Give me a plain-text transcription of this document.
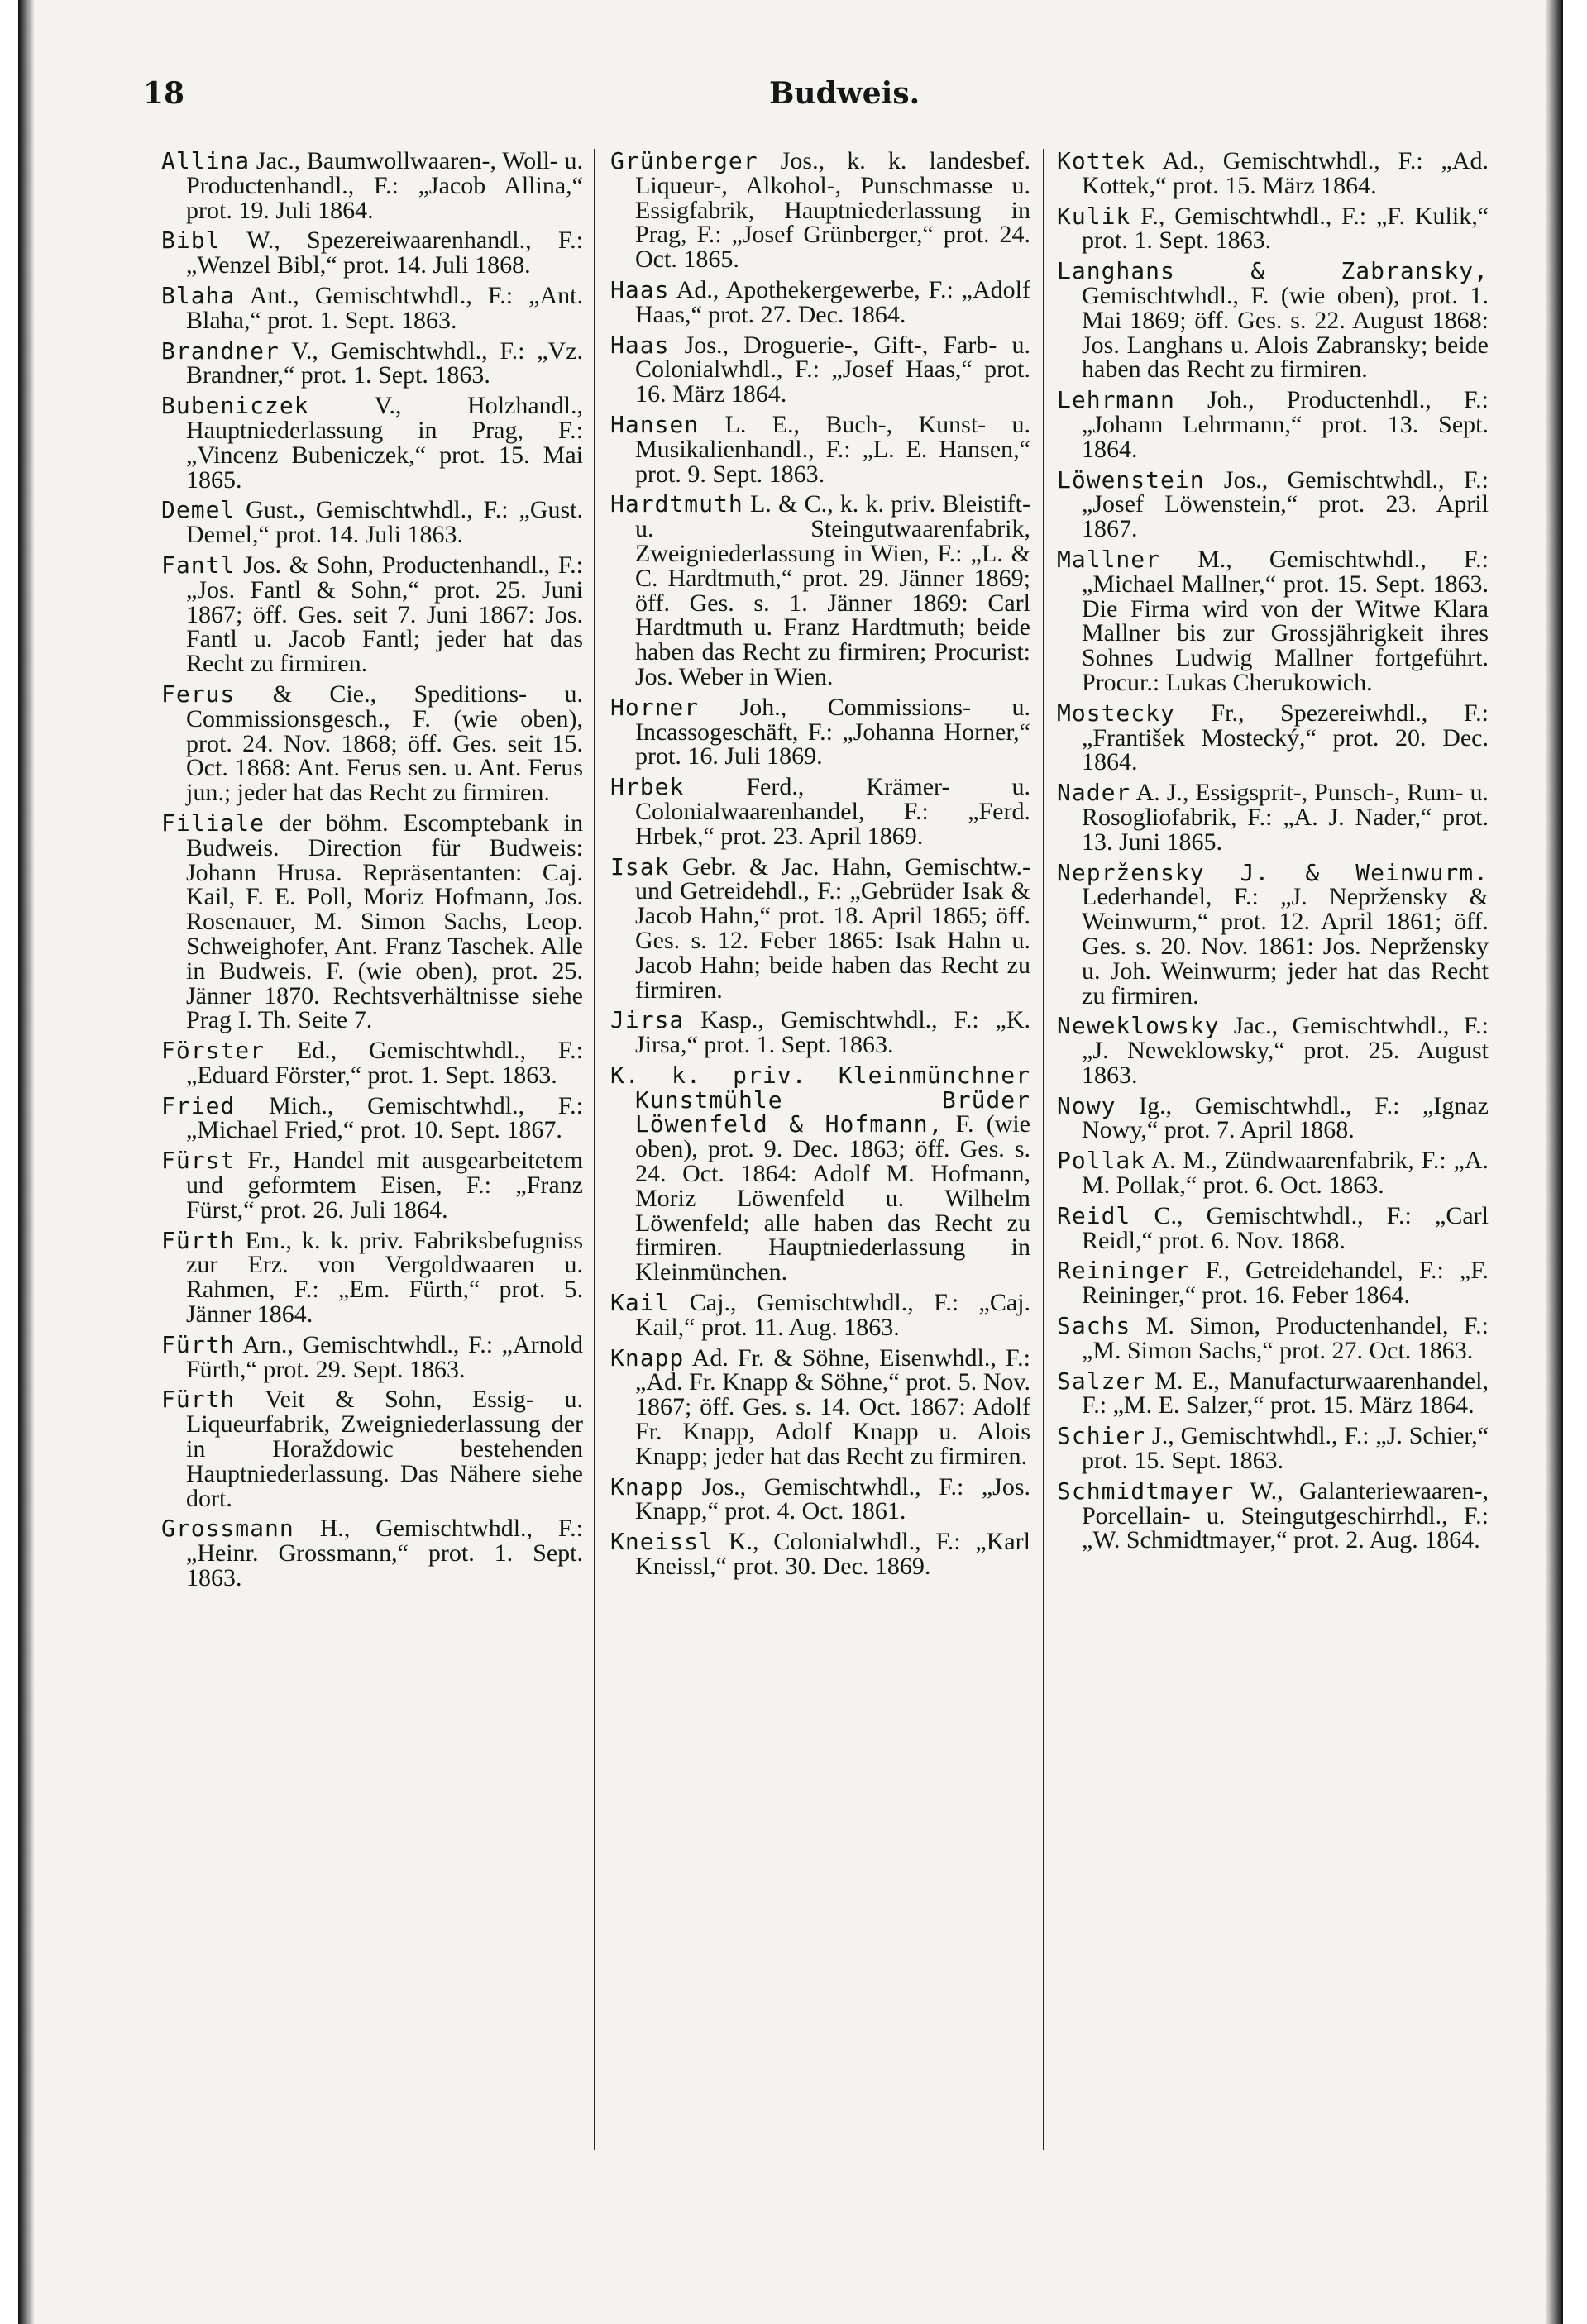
18	Budweis.

Allina Jac., Baumwollwaaren-, Woll- u. Productenhandl., F.: „Jacob Allina,“ prot. 19. Juli 1864.

Bibl W., Spezereiwaarenhandl., F.: „Wenzel Bibl,“ prot. 14. Juli 1868.

Blaha Ant., Gemischtwhdl., F.: „Ant. Blaha,“ prot. 1. Sept. 1863.

Brandner V., Gemischtwhdl., F.: „Vz. Brandner,“ prot. 1. Sept. 1863.

Bubeniczek	V., Holzhandl., Hauptniederlassung in Prag, F.: „Vincenz Bubeniczek,“ prot. 15. Mai 1865.

Demel Gust., Gemischtwhdl., F.: „Gust. Demel,“ prot. 14. Juli 1863.

Fantl Jos. & Sohn, Productenhandl., F.: „Jos. Fantl & Sohn,“ prot. 25. Juni 1867; öff. Ges. seit 7. Juni 1867: Jos. Fantl u. Jacob Fantl; jeder hat das Recht zu firmiren.

Ferus & Cie., Speditions- u. Commissionsgesch., F. (wie oben), prot. 24. Nov. 1868; öff. Ges. seit 15. Oct. 1868: Ant. Ferus sen. u. Ant. Ferus jun.; jeder hat das Recht zu firmiren.

Filiale der böhm. Escomptebank in Budweis. Direction für Budweis: Johann Hrusa. Repräsentanten: Caj. Kail, F. E. Poll, Moriz Hofmann, Jos. Rosenauer, M. Simon Sachs, Leop. Schweighofer, Ant. Franz Taschek. Alle in Budweis. F. (wie oben), prot. 25. Jänner 1870. Rechtsverhältnisse siehe Prag I. Th. Seite 7.

Förster Ed., Gemischtwhdl., F.: „Eduard Förster,“ prot. 1. Sept. 1863.

Fried Mich., Gemischtwhdl., F.: „Michael Fried,“ prot. 10. Sept. 1867.

Fürst Fr., Handel mit ausgearbeitetem und geformtem Eisen, F.: „Franz Fürst,“ prot. 26. Juli 1864.

Fürth Em., k. k. priv. Fabriksbefugniss zur Erz. von Vergoldwaaren u. Rahmen, F.: „Em. Fürth,“ prot. 5. Jänner 1864.

Fürth Arn., Gemischtwhdl., F.: „Arnold Fürth,“ prot. 29. Sept. 1863.

Fürth Veit & Sohn, Essig- u. Liqueurfabrik, Zweigniederlassung der in Horaždowic bestehenden Hauptniederlassung. Das Nähere siehe dort.

Grossmann H., Gemischtwhdl., F.: „Heinr. Grossmann,“ prot. 1. Sept. 1863.

Grünberger Jos., k. k. landesbef. Liqueur-, Alkohol-, Punschmasse u. Essigfabrik, Hauptniederlassung in Prag, F.: „Josef Grünberger,“ prot. 24. Oct. 1865.

Haas Ad., Apothekergewerbe, F.: „Adolf Haas,“ prot. 27. Dec. 1864.

Haas Jos., Droguerie-, Gift-, Farb- u. Colonialwhdl., F.: „Josef Haas,“ prot. 16. März 1864.

Hansen L. E., Buch-, Kunst- u. Musikalienhandl., F.: „L. E. Hansen,“ prot. 9. Sept. 1863.

Hardtmuth L. & C., k. k. priv. Bleistift- u. Steingutwaarenfabrik, Zweigniederlassung in Wien, F.: „L. & C. Hardtmuth,“ prot. 29. Jänner 1869; öff. Ges. s. 1. Jänner 1869: Carl Hardtmuth u. Franz Hardtmuth; beide haben das Recht zu firmiren; Procurist: Jos. Weber in Wien.

Horner Joh., Commissions- u. Incassogeschäft, F.: „Johanna Horner,“ prot. 16. Juli 1869.

Hrbek	Ferd., Krämer- u. Colonialwaarenhandel, F.: „Ferd. Hrbek,“ prot. 23. April 1869.

Isak Gebr. & Jac. Hahn, Gemischtw.- und Getreidehdl., F.: „Gebrüder Isak & Jacob Hahn,“ prot. 18. April 1865; öff. Ges. s. 12. Feber 1865: Isak Hahn u. Jacob Hahn; beide haben das Recht zu firmiren.

Jirsa Kasp., Gemischtwhdl., F.: „K. Jirsa,“ prot. 1. Sept. 1863.

K. k. priv. Kleinmünchner Kunstmühle Brüder Löwenfeld & Hofmann, F. (wie oben), prot. 9. Dec. 1863; öff. Ges. s. 24. Oct. 1864: Adolf M. Hofmann, Moriz Löwenfeld u. Wilhelm Löwenfeld; alle haben das Recht zu firmiren. Hauptniederlassung in Kleinmünchen.

Kail Caj., Gemischtwhdl., F.: „Caj. Kail,“ prot. 11. Aug. 1863.

Knapp Ad. Fr. & Söhne, Eisenwhdl., F.: „Ad. Fr. Knapp & Söhne,“ prot. 5. Nov. 1867; öff. Ges. s. 14. Oct. 1867: Adolf Fr. Knapp, Adolf Knapp u. Alois Knapp; jeder hat das Recht zu firmiren.

Knapp Jos., Gemischtwhdl., F.: „Jos. Knapp,“ prot. 4. Oct. 1861.

Kneissl K., Colonialwhdl., F.: „Karl Kneissl,“ prot. 30. Dec. 1869.

Kottek Ad., Gemischtwhdl., F.: „Ad. Kottek,“ prot. 15. März 1864.

Kulik F., Gemischtwhdl., F.: „F. Kulik,“ prot. 1. Sept. 1863.

Langhans & Zabransky, Gemischtwhdl., F. (wie oben), prot. 1. Mai 1869; öff. Ges. s. 22. August 1868: Jos. Langhans u. Alois Zabransky; beide haben das Recht zu firmiren.

Lehrmann Joh., Productenhdl., F.: „Johann Lehrmann,“ prot. 13. Sept. 1864.

Löwenstein Jos., Gemischtwhdl., F.: „Josef Löwenstein,“ prot. 23. April 1867.

Mallner M., Gemischtwhdl., F.: „Michael Mallner,“ prot. 15. Sept. 1863. Die Firma wird von der Witwe Klara Mallner bis zur Grossjährigkeit ihres Sohnes Ludwig Mallner fortgeführt. Procur.: Lukas Cherukowich.

Mostecky Fr., Spezereiwhdl., F.: „František Mostecký,“ prot. 20. Dec. 1864.

Nader A. J., Essigsprit-, Punsch-, Rum- u. Rosogliofabrik, F.: „A. J. Nader,“ prot. 13. Juni 1865.

Nepržensky J. & Weinwurm. Lederhandel, F.: „J. Nepržensky & Weinwurm,“ prot. 12. April 1861; öff. Ges. s. 20. Nov. 1861: Jos. Nepržensky u. Joh. Weinwurm; jeder hat das Recht zu firmiren.

Neweklowsky Jac., Gemischtwhdl., F.: „J. Neweklowsky,“ prot. 25. August 1863.

Nowy Ig., Gemischtwhdl., F.: „Ignaz Nowy,“ prot. 7. April 1868.

Pollak A. M., Zündwaarenfabrik, F.: „A. M. Pollak,“ prot. 6. Oct. 1863.

Reidl C., Gemischtwhdl., F.: „Carl Reidl,“ prot. 6. Nov. 1868.

Reininger F., Getreidehandel, F.: „F. Reininger,“ prot. 16. Feber 1864.

Sachs M. Simon, Productenhandel, F.: „M. Simon Sachs,“ prot. 27. Oct. 1863.

Salzer M. E., Manufacturwaarenhandel, F.: „M. E. Salzer,“ prot. 15. März 1864.

Schier J., Gemischtwhdl., F.: „J. Schier,“ prot. 15. Sept. 1863.

Schmidtmayer W., Galanteriewaaren-, Porcellain- u. Steingutgeschirrhdl., F.: „W. Schmidtmayer,“ prot. 2. Aug. 1864.
